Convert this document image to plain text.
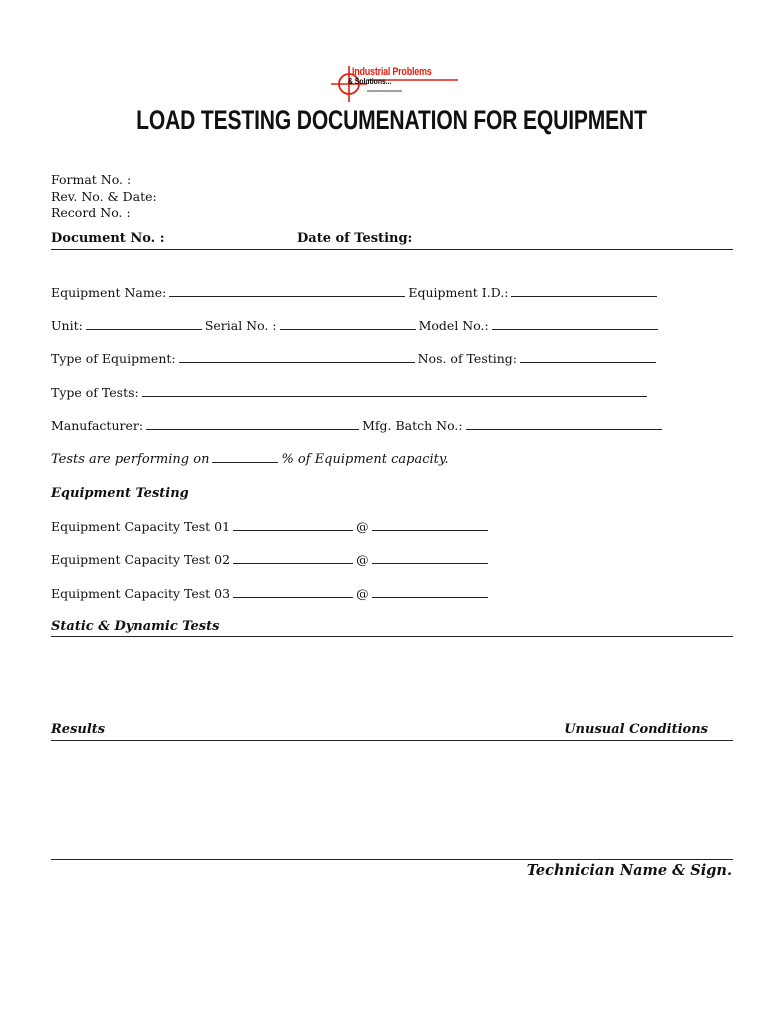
Industrial Problems
& Solutions...
LOAD TESTING DOCUMENATION FOR EQUIPMENT
Format No. :
Rev. No. & Date:
Record No. :
Document No. :	Date of Testing:
Equipment Name:	Equipment I.D.:
Unit:	Serial No. :	Model No.:
Type of Equipment:	Nos. of Testing:
Type of Tests:
Manufacturer:	Mfg. Batch No.:
Tests are performing on	% of Equipment capacity.
Equipment Testing
Equipment Capacity Test 01	@
Equipment Capacity Test 02	@
Equipment Capacity Test 03	@
Static & Dynamic Tests
Results	Unusual Conditions
Technician Name & Sign.
